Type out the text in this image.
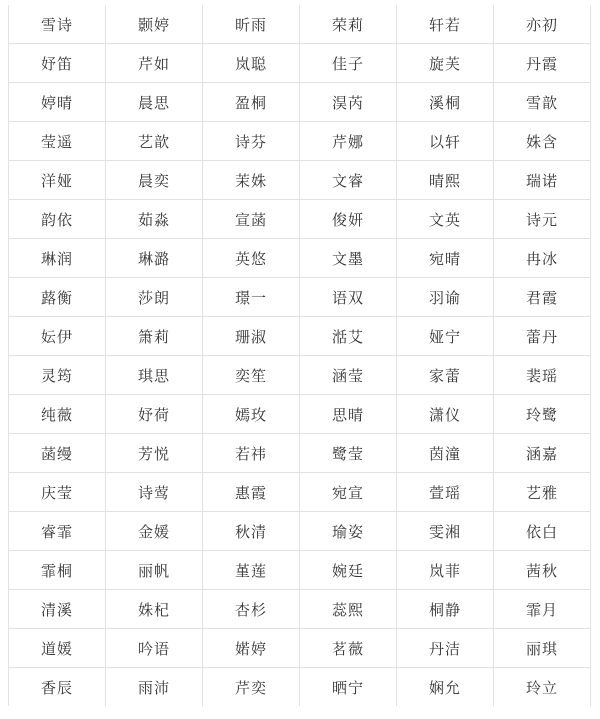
雪诗	颢婷	昕雨	荣莉	轩若	亦初
妤笛	芹如	岚聪	佳子	旋芙	丹霞
婷晴	晨思	盈桐	淏芮	溪桐	雪歆
莹遥	艺歆	诗芬	芹娜	以轩	姝含
洋娅	晨奕	茉姝	文睿	晴熙	瑞诺
韵依	茹淼	宣菡	俊妍	文英	诗元
琳润	琳潞	英悠	文墨	宛晴	冉冰
蕗衡	莎朗	璟一	语双	羽谕	君霞
妘伊	箫莉	珊淑	湉艾	娅宁	蕾丹
灵筠	琪思	奕笙	涵莹	家蕾	裴瑶
纯薇	妤荷	嫣玫	思晴	潇仪	玲鹭
菡缦	芳悦	若祎	鹭莹	茵潼	涵嘉
庆莹	诗莺	惠霞	宛宣	萱瑶	艺雅
睿霏	金媛	秋清	瑜姿	雯湘	依白
霏桐	丽帆	堇莲	婉廷	岚菲	茜秋
清溪	姝杞	杏杉	蕊熙	桐静	霏月
道媛	吟语	婼婷	茗薇	丹洁	丽琪
香辰	雨沛	芹奕	晒宁	娴允	玲立
